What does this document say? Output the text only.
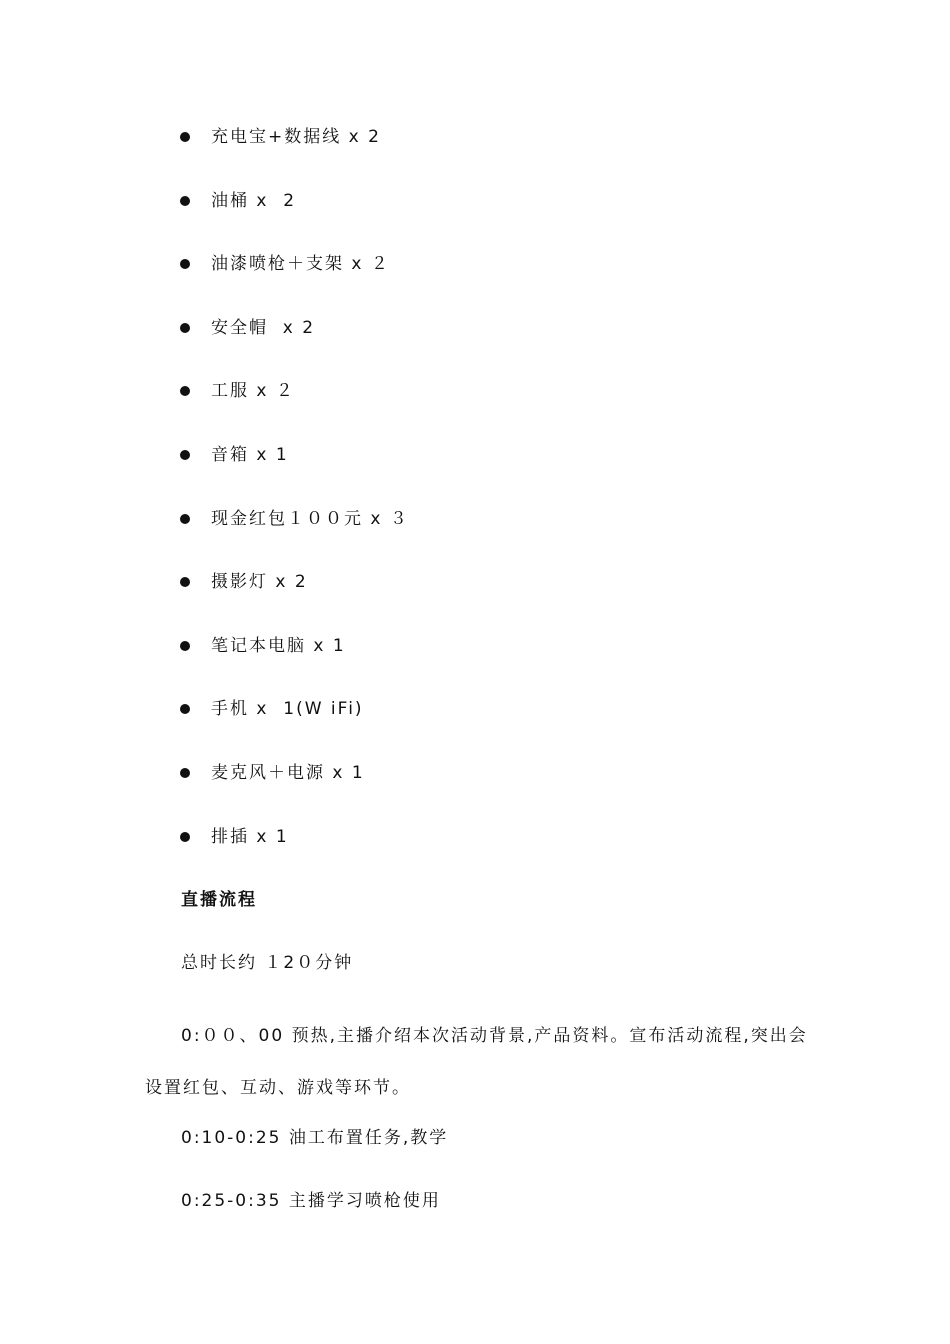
充电宝+数据线 x 2
油桶 x  2
油漆喷枪＋支架 x ２
安全帽  x 2
工服 x ２
音箱 x 1
现金红包１００元 x ３
摄影灯 x 2
笔记本电脑 x 1
手机 x  1(W iFi)
麦克风＋电源 x 1
排插 x 1
直播流程
总时长约 １2０分钟
0:００、00 预热,主播介绍本次活动背景,产品资料。宣布活动流程,突出会设置红包、互动、游戏等环节。
0:10-0:25 油工布置任务,教学
0:25-0:35 主播学习喷枪使用
